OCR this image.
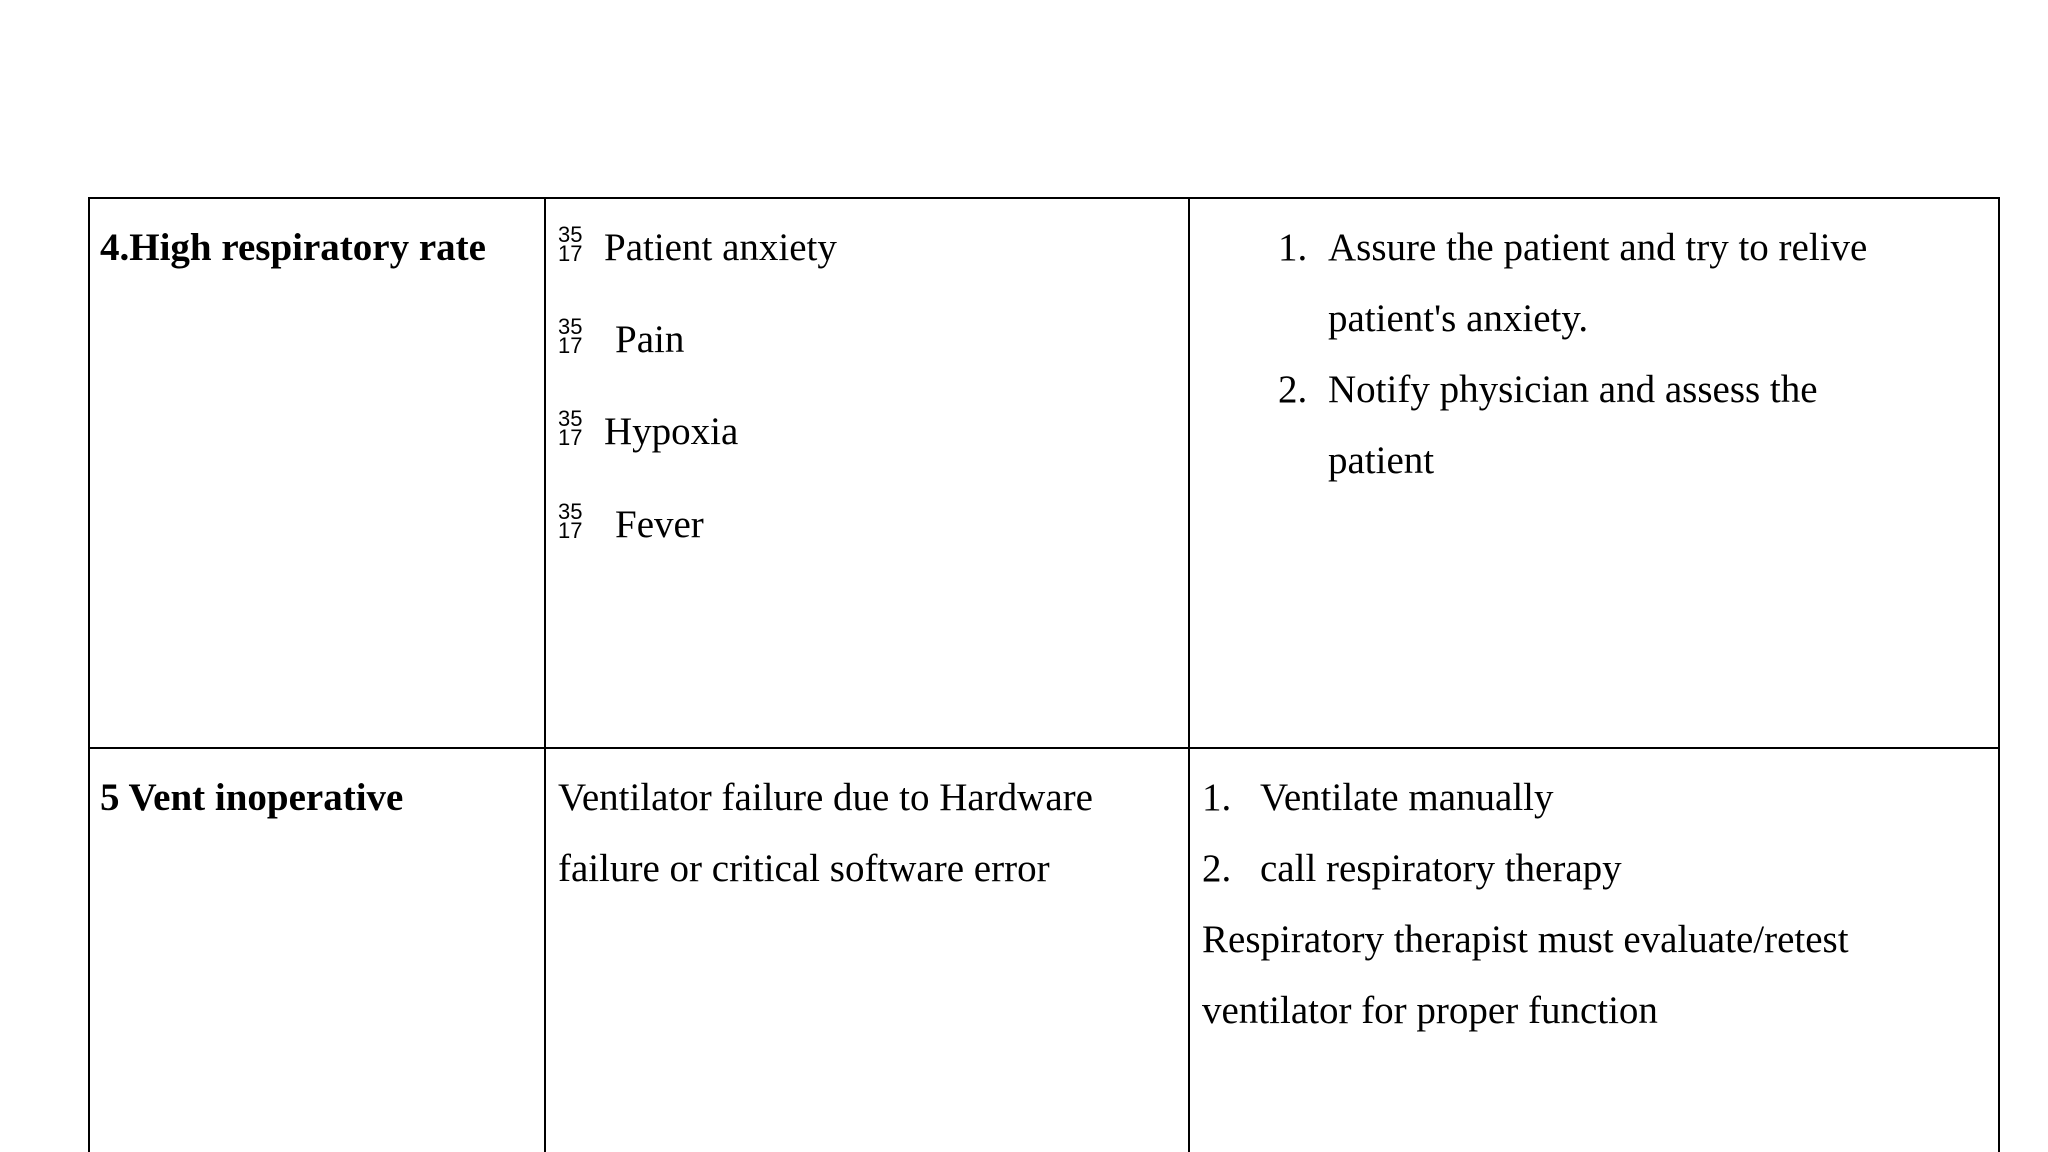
4.High respiratory rate	35
17 Patient anxiety
35
17 Pain
35
17 Hypoxia
35
17 Fever
1. Assure the patient and try to relive
patient's anxiety.
2. Notify physician and assess the
patient
5 Vent inoperative	Ventilator failure due to Hardware
failure or critical software error
1. Ventilate manually
2. call respiratory therapy
Respiratory therapist must evaluate/retest
ventilator for proper function
